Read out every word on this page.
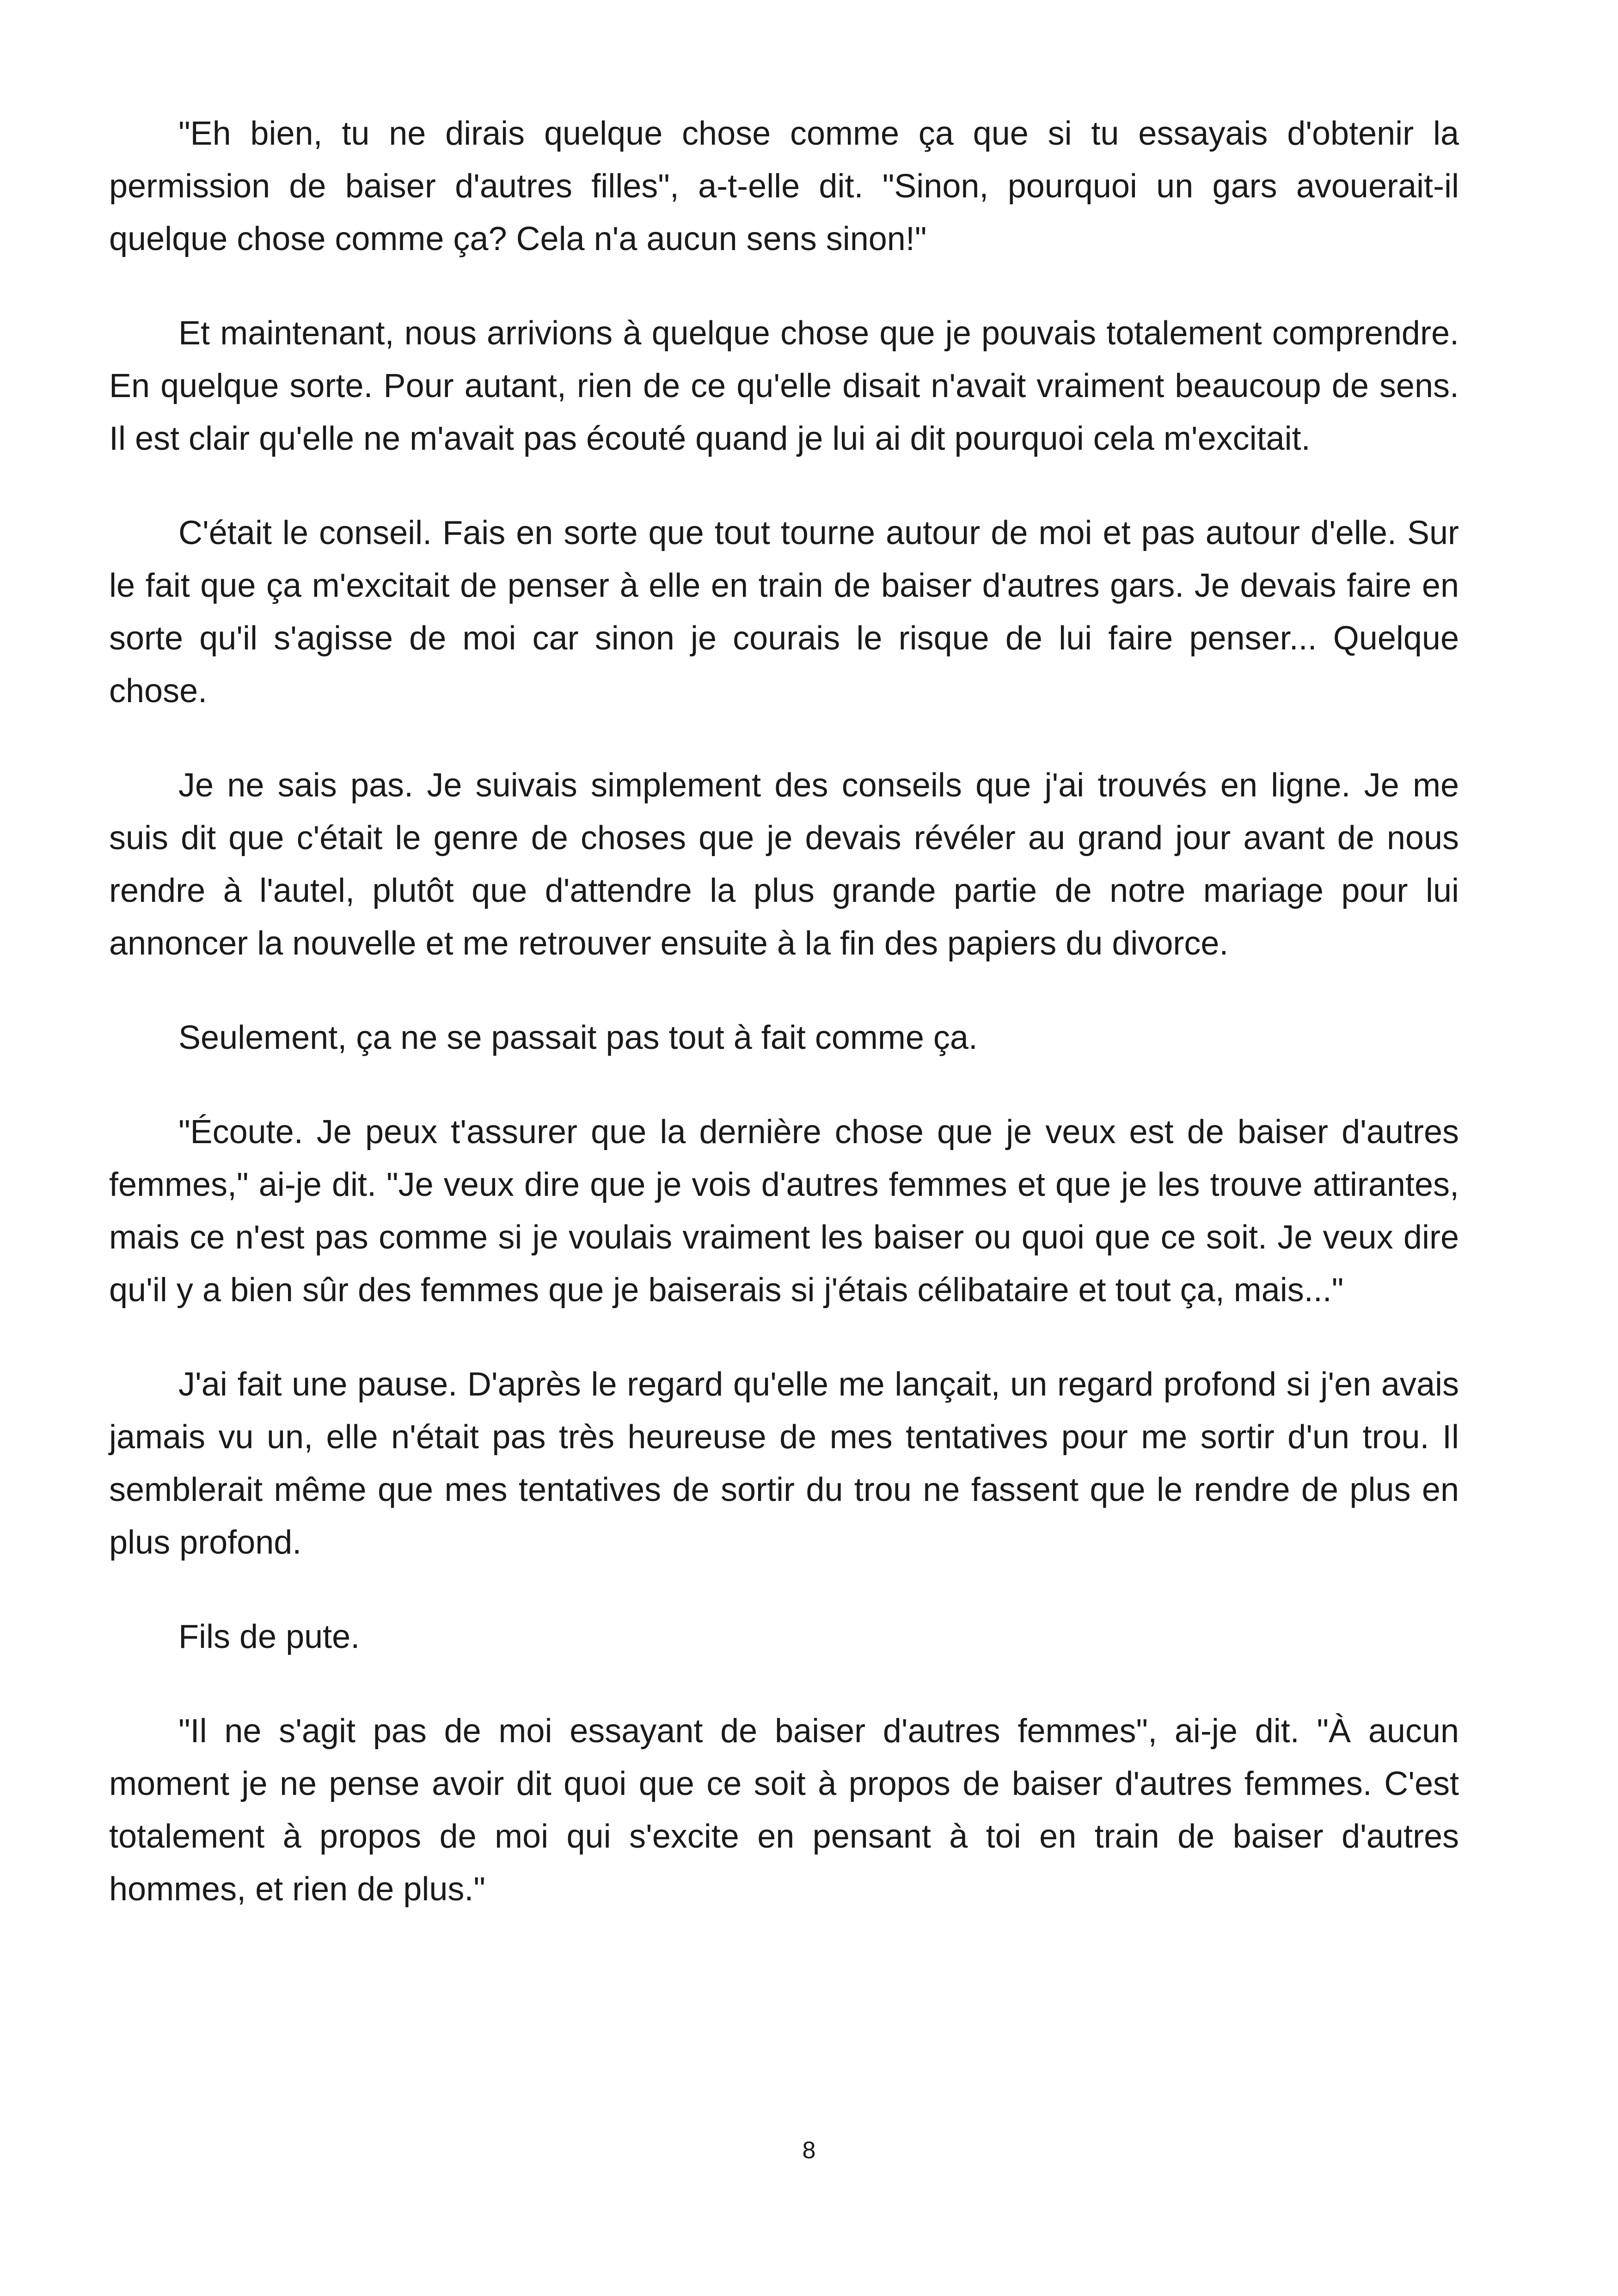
"Eh bien, tu ne dirais quelque chose comme ça que si tu essayais d'obtenir la permission de baiser d'autres filles", a-t-elle dit. "Sinon, pourquoi un gars avouerait-il quelque chose comme ça? Cela n'a aucun sens sinon!"

Et maintenant, nous arrivions à quelque chose que je pouvais totalement comprendre. En quelque sorte. Pour autant, rien de ce qu'elle disait n'avait vraiment beaucoup de sens. Il est clair qu'elle ne m'avait pas écouté quand je lui ai dit pourquoi cela m'excitait.

C'était le conseil. Fais en sorte que tout tourne autour de moi et pas autour d'elle. Sur le fait que ça m'excitait de penser à elle en train de baiser d'autres gars. Je devais faire en sorte qu'il s'agisse de moi car sinon je courais le risque de lui faire penser... Quelque chose.

Je ne sais pas. Je suivais simplement des conseils que j'ai trouvés en ligne. Je me suis dit que c'était le genre de choses que je devais révéler au grand jour avant de nous rendre à l'autel, plutôt que d'attendre la plus grande partie de notre mariage pour lui annoncer la nouvelle et me retrouver ensuite à la fin des papiers du divorce.

Seulement, ça ne se passait pas tout à fait comme ça.

"Écoute. Je peux t'assurer que la dernière chose que je veux est de baiser d'autres femmes," ai-je dit. "Je veux dire que je vois d'autres femmes et que je les trouve attirantes, mais ce n'est pas comme si je voulais vraiment les baiser ou quoi que ce soit. Je veux dire qu'il y a bien sûr des femmes que je baiserais si j'étais célibataire et tout ça, mais..."

J'ai fait une pause. D'après le regard qu'elle me lançait, un regard profond si j'en avais jamais vu un, elle n'était pas très heureuse de mes tentatives pour me sortir d'un trou. Il semblerait même que mes tentatives de sortir du trou ne fassent que le rendre de plus en plus profond.

Fils de pute.

"Il ne s'agit pas de moi essayant de baiser d'autres femmes", ai-je dit. "À aucun moment je ne pense avoir dit quoi que ce soit à propos de baiser d'autres femmes. C'est totalement à propos de moi qui s'excite en pensant à toi en train de baiser d'autres hommes, et rien de plus."

8
